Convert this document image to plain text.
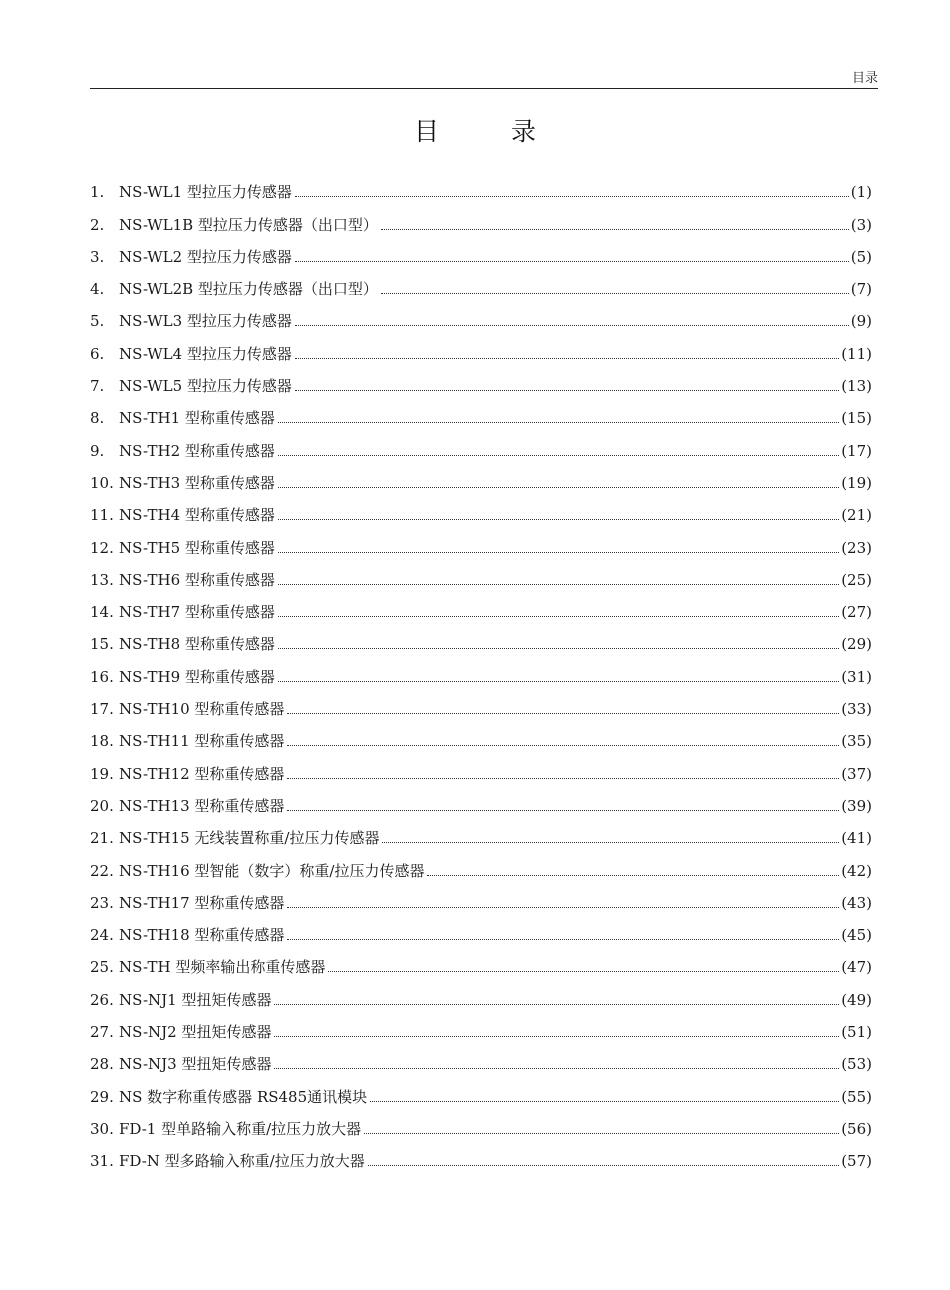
目录
目 录
1. NS-WL1 型拉压力传感器	(1)
2. NS-WL1B 型拉压力传感器（出口型）	(3)
3. NS-WL2 型拉压力传感器	(5)
4. NS-WL2B 型拉压力传感器（出口型）	(7)
5. NS-WL3 型拉压力传感器	(9)
6. NS-WL4 型拉压力传感器	(11)
7. NS-WL5 型拉压力传感器	(13)
8. NS-TH1 型称重传感器	(15)
9. NS-TH2 型称重传感器	(17)
10. NS-TH3 型称重传感器	(19)
11. NS-TH4 型称重传感器	(21)
12. NS-TH5 型称重传感器	(23)
13. NS-TH6 型称重传感器	(25)
14. NS-TH7 型称重传感器	(27)
15. NS-TH8 型称重传感器	(29)
16. NS-TH9 型称重传感器	(31)
17. NS-TH10 型称重传感器	(33)
18. NS-TH11 型称重传感器	(35)
19. NS-TH12 型称重传感器	(37)
20. NS-TH13 型称重传感器	(39)
21. NS-TH15 无线装置称重/拉压力传感器	(41)
22. NS-TH16 型智能（数字）称重/拉压力传感器	(42)
23. NS-TH17 型称重传感器	(43)
24. NS-TH18 型称重传感器	(45)
25. NS-TH 型频率输出称重传感器	(47)
26. NS-NJ1 型扭矩传感器	(49)
27. NS-NJ2 型扭矩传感器	(51)
28. NS-NJ3 型扭矩传感器	(53)
29. NS 数字称重传感器 RS485通讯模块	(55)
30. FD-1 型单路输入称重/拉压力放大器	(56)
31. FD-N 型多路输入称重/拉压力放大器	(57)
